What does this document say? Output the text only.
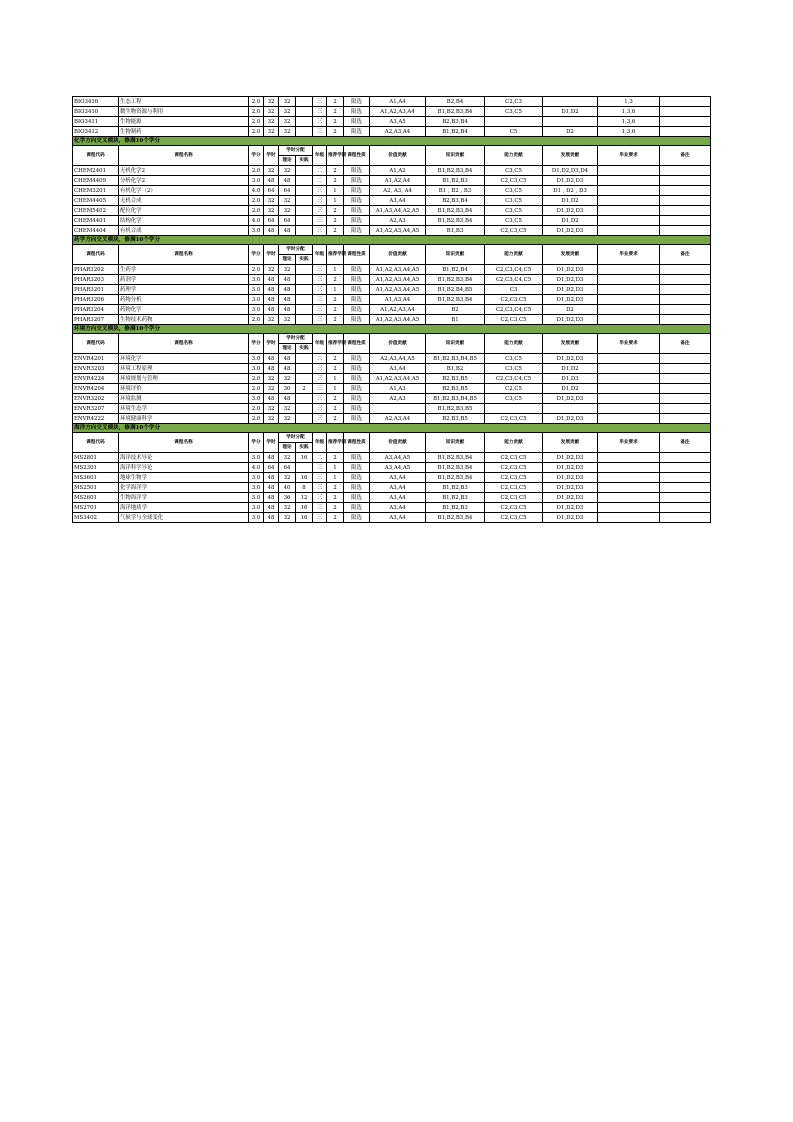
BIO3416	生态工程	2.0	32	32		三	2	限选	A1,A4	B2,B4	C2,C3		1,3	
BIO3410	微生物资源与利用	2.0	32	32		三	2	限选	A1,A2,A3,A4	B1,B2,B3,B4	C3,C5	D1,D2	1,3,6	
BIO3411	生物能源	2.0	32	32		三	2	限选	A3,A5	B2,B3,B4			1,3,6	
BIO3412	生物制药	2.0	32	32		三	2	限选	A2,A3,A4	B1,B2,B4	C5	D2	1,3,6	
化学方向交叉模块，修满10个学分														
课程代码	课程名称	学分	学时	学时分配		年级	推荐学期	课程性质	价值贡献	知识贡献	能力贡献	发展贡献	毕业要求	备注
				理论	实践									
CHEM2401	无机化学2	2.0	32	32		二	2	限选	A1,A2	B1,B2,B3,B4	C3,C5	D1,D2,D3,D4		
CHEM4409	分析化学2	3.0	48	48		二	2	限选	A1,A2,A4	B1,B2,B3	C2,C3,C5	D1,D2,D3		
CHEM3201	有机化学（2）	4.0	64	64		三	1	限选	A2, A3, A4	B1 , B2 , B3	C3,C5	D1 , D2 , D3		
CHEM4405	无机合成	2.0	32	32		三	1	限选	A3,A4	B2,B3,B4	C3,C5	D1,D2		
CHEM5402	配位化学	2.0	32	32		三	2	限选	A1,A3,A4,A2,A5	B1,B2,B3,B4	C3,C5	D1,D2,D3		
CHEM4401	结构化学	4.0	64	64		三	2	限选	A2,A3	B1,B2,B3,B4	C3,C5	D1,D2		
CHEM4404	有机合成	3.0	48	48		三	2	限选	A1,A2,A3,A4,A5	B1,B3	C2,C3,C5	D1,D2,D3		
药学方向交叉模块，修满10个学分														
课程代码	课程名称	学分	学时	学时分配		年级	推荐学期	课程性质	价值贡献	知识贡献	能力贡献	发展贡献	毕业要求	备注
				理论	实践									
PHAR3202	生药学	2.0	32	32		三	1	限选	A1,A2,A3,A4,A5	B1,B2,B4	C2,C3,C4,C5	D1,D2,D3		
PHAR3203	药剂学	3.0	48	48		三	2	限选	A1,A2,A3,A4,A5	B1,B2,B3,B4	C2,C3,C4,C5	D1,D2,D3		
PHAR3201	药理学	3.0	48	48		三	1	限选	A1,A2,A3,A4,A5	B1,B2,B4,B5	C3	D1,D2,D3		
PHAR3206	药物分析	3.0	48	48		三	2	限选	A1,A3,A4	B1,B2,B3,B4	C2,C3,C5	D1,D2,D3		
PHAR3204	药物化学	3.0	48	48		三	2	限选	A1,A2,A3,A4	B2	C2,C3,C4,C5	D2		
PHAR3207	生物技术药物	2.0	32	32		三	2	限选	A1,A2,A3,A4,A5	B1	C2,C3,C5	D1,D2,D3		
环境方向交叉模块，修满10个学分														
课程代码	课程名称	学分	学时	学时分配		年级	推荐学期	课程性质	价值贡献	知识贡献	能力贡献	发展贡献	毕业要求	备注
				理论	实践									
ENVR4201	环境化学	3.0	48	48		二	2	限选	A2,A3,A4,A5	B1,B2,B3,B4,B5	C3,C5	D1,D2,D3		
ENVR3203	环境工程原理	3.0	48	48		三	2	限选	A3,A4	B1,B2	C3,C5	D1,D2		
ENVR4224	环境规划与管理	2.0	32	32		三	1	限选	A1,A2,A3,A4,A5	B2,B3,B5	C2,C3,C4,C5	D1,D3		
ENVR4204	环境评价	2.0	32	30	2	三	1	限选	A1,A3	B2,B3,B5	C2,C5	D1,D2		
ENVR3202	环境监测	3.0	48	48		三	2	限选	A2,A3	B1,B2,B3,B4,B5	C3,C5	D1,D2,D3		
ENVR3207	环境生态学	2.0	32	32		三	2	限选		B1,B2,B3,B5				
ENVR4222	环境健康科学	2.0	32	32		三	2	限选	A2,A3,A4	B2,B3,B5	C2,C3,C5	D1,D2,D3		
海洋方向交叉模块，修满10个学分														
课程代码	课程名称	学分	学时	学时分配		年级	推荐学期	课程性质	价值贡献	知识贡献	能力贡献	发展贡献	毕业要求	备注
				理论	实践									
MS2801	海洋技术导论	3.0	48	32	16	二	2	限选	A3,A4,A5	B1,B2,B3,B4	C2,C3,C5	D1,D2,D3		
MS2301	海洋科学导论	4.0	64	64		三	1	限选	A3,A4,A5	B1,B2,B3,B4	C2,C3,C5	D1,D2,D3		
MS3601	地球生物学	3.0	48	32	16	三	1	限选	A3,A4	B1,B2,B3,B4	C2,C3,C5	D1,D2,D3		
MS2501	化学海洋学	3.0	48	40	8	三	2	限选	A3,A4	B1,B2,B3	C2,C3,C5	D1,D2,D3		
MS2601	生物海洋学	3.0	48	36	12	三	2	限选	A3,A4	B1,B2,B3	C2,C3,C5	D1,D2,D3		
MS2701	海洋地质学	3.0	48	32	16	三	2	限选	A3,A4	B1,B2,B3	C2,C3,C5	D1,D2,D3		
MS3402	气候学与全球变化	3.0	48	32	16	三	2	限选	A3,A4	B1,B2,B3,B4	C2,C3,C5	D1,D2,D3		
